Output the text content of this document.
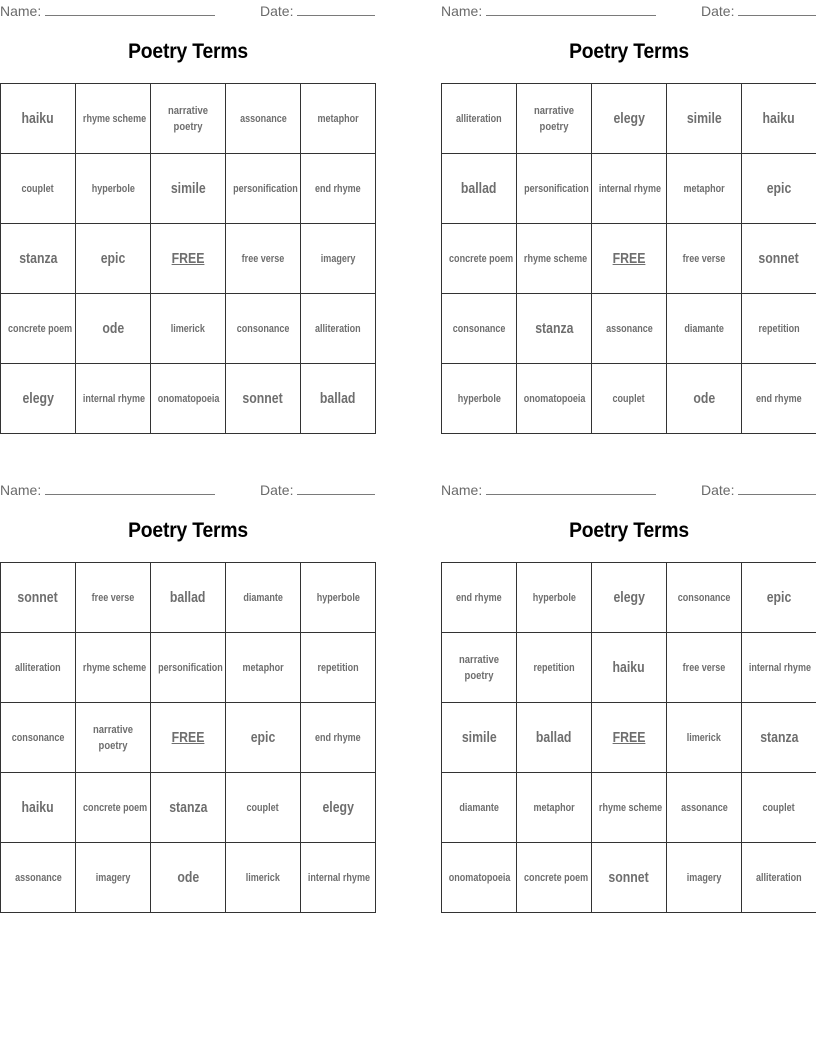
Name:	Date:
Poetry Terms
haiku	rhyme scheme	narrative poetry	assonance	metaphor
couplet	hyperbole	simile	personification	end rhyme
stanza	epic	FREE	free verse	imagery
concrete poem	ode	limerick	consonance	alliteration
elegy	internal rhyme	onomatopoeia	sonnet	ballad
Name:	Date:
Poetry Terms
alliteration	narrative poetry	elegy	simile	haiku
ballad	personification	internal rhyme	metaphor	epic
concrete poem	rhyme scheme	FREE	free verse	sonnet
consonance	stanza	assonance	diamante	repetition
hyperbole	onomatopoeia	couplet	ode	end rhyme
Name:	Date:
Poetry Terms
sonnet	free verse	ballad	diamante	hyperbole
alliteration	rhyme scheme	personification	metaphor	repetition
consonance	narrative poetry	FREE	epic	end rhyme
haiku	concrete poem	stanza	couplet	elegy
assonance	imagery	ode	limerick	internal rhyme
Name:	Date:
Poetry Terms
end rhyme	hyperbole	elegy	consonance	epic
narrative poetry	repetition	haiku	free verse	internal rhyme
simile	ballad	FREE	limerick	stanza
diamante	metaphor	rhyme scheme	assonance	couplet
onomatopoeia	concrete poem	sonnet	imagery	alliteration
